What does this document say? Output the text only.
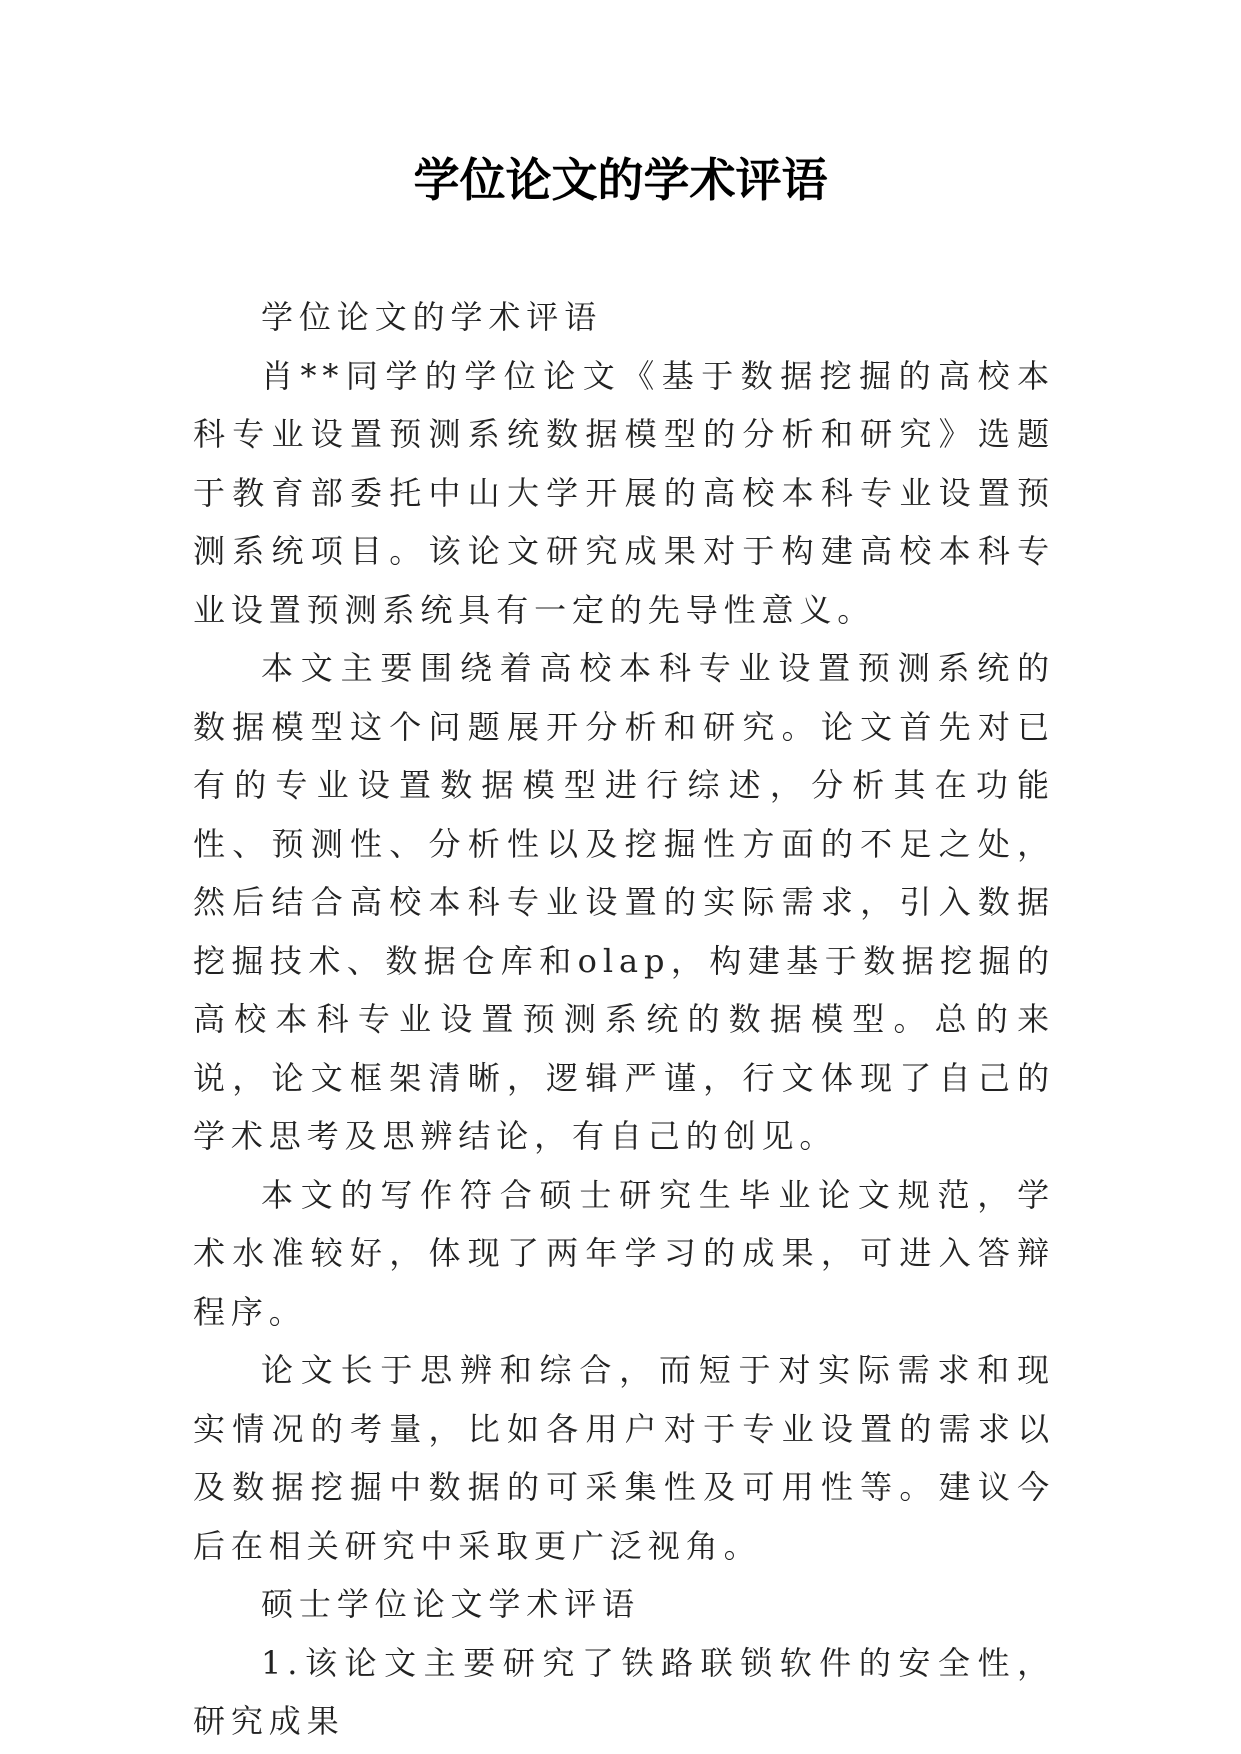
学位论文的学术评语

学位论文的学术评语

肖**同学的学位论文《基于数据挖掘的高校本科专业设置预测系统数据模型的分析和研究》选题于教育部委托中山大学开展的高校本科专业设置预测系统项目。该论文研究成果对于构建高校本科专业设置预测系统具有一定的先导性意义。

本文主要围绕着高校本科专业设置预测系统的数据模型这个问题展开分析和研究。论文首先对已有的专业设置数据模型进行综述，分析其在功能性、预测性、分析性以及挖掘性方面的不足之处，然后结合高校本科专业设置的实际需求，引入数据挖掘技术、数据仓库和olap，构建基于数据挖掘的高校本科专业设置预测系统的数据模型。总的来说，论文框架清晰，逻辑严谨，行文体现了自己的学术思考及思辨结论，有自己的创见。

本文的写作符合硕士研究生毕业论文规范，学术水准较好，体现了两年学习的成果，可进入答辩程序。

论文长于思辨和综合，而短于对实际需求和现实情况的考量，比如各用户对于专业设置的需求以及数据挖掘中数据的可采集性及可用性等。建议今后在相关研究中采取更广泛视角。

硕士学位论文学术评语

1.该论文主要研究了铁路联锁软件的安全性，研究成果
